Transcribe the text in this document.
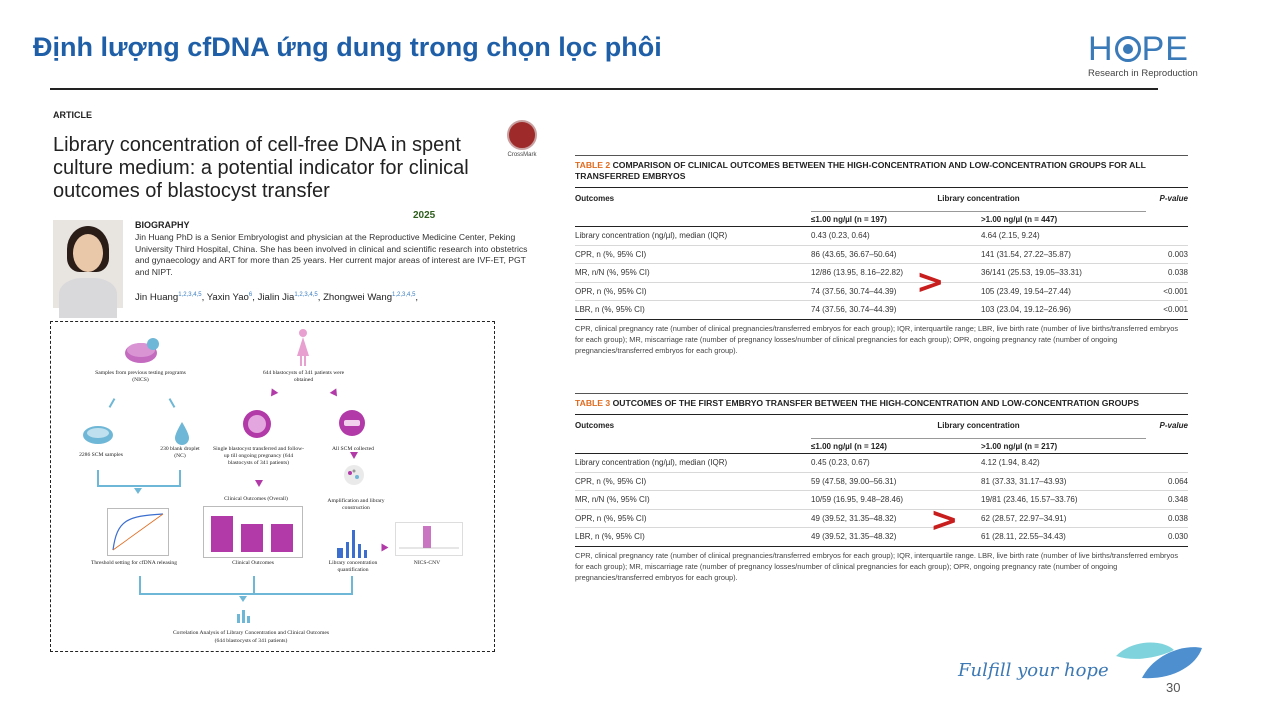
Định lượng cfDNA ứng dung trong chọn lọc phôi	H PE
Research in Reproduction
ARTICLE
Library concentration of cell-free DNA in spent culture medium: a potential indicator for clinical outcomes of blastocyst transfer
CrossMark
2025
BIOGRAPHY
Jin Huang PhD is a Senior Embryologist and physician at the Reproductive Medicine Center, Peking University Third Hospital, China. She has been involved in clinical and scientific research into obstetrics and gynaecology and ART for more than 25 years. Her current major areas of interest are IVF-ET, PGT and NIPT.
Jin Huang$^{1,2,3,4,5}$, Yaxin Yao$^6$, Jialin Jia$^{1,2,3,4,5}$, Zhongwei Wang$^{1,2,3,4,5}$,
Samples from previous testing programs (NICS)
644 blastocysts of 341 patients were obtained
2286 SCM samples
230 blank droplet (NC)
Single blastocyst transferred and follow-up till ongoing pregnancy (644 blastocysts of 341 patients)
All SCM collected
Amplification and library construction
Threshold setting for cfDNA releasing
Clinical Outcomes (Overall)
Clinical Outcomes	Library concentration quantification
NICS-CNV
Correlation Analysis of Library Concentration and Clinical Outcomes
(644 blastocysts of 341 patients)
TABLE 2 COMPARISON OF CLINICAL OUTCOMES BETWEEN THE HIGH-CONCENTRATION AND LOW-CONCENTRATION GROUPS FOR ALL TRANSFERRED EMBRYOS
Outcomes	Library concentration	P-value
≤1.00 ng/µl (n = 197)	>1.00 ng/µl (n = 447)
Library concentration (ng/µl), median (IQR)	0.43 (0.23, 0.64)	4.64 (2.15, 9.24)
CPR, n (%, 95% CI)	86 (43.65, 36.67–50.64)	141 (31.54, 27.22–35.87)	0.003
MR, n/N (%, 95% CI)	12/86 (13.95, 8.16–22.82)	36/141 (25.53, 19.05–33.31)	0.038
OPR, n (%, 95% CI)	74 (37.56, 30.74–44.39)	105 (23.49, 19.54–27.44)	<0.001
LBR, n (%, 95% CI)	74 (37.56, 30.74–44.39)	103 (23.04, 19.12–26.96)	<0.001
CPR, clinical pregnancy rate (number of clinical pregnancies/transferred embryos for each group); IQR, interquartile range; LBR, live birth rate (number of live births/transferred embryos for each group); MR, miscarriage rate (number of pregnancy losses/number of clinical pregnancies for each group); OPR, ongoing pregnancy rate (number of ongoing pregnancies/transferred embryos for each group).
>
TABLE 3 OUTCOMES OF THE FIRST EMBRYO TRANSFER BETWEEN THE HIGH-CONCENTRATION AND LOW-CONCENTRATION GROUPS
Outcomes	Library concentration	P-value
≤1.00 ng/µl (n = 124)	>1.00 ng/µl (n = 217)
Library concentration (ng/µl), median (IQR)	0.45 (0.23, 0.67)	4.12 (1.94, 8.42)
CPR, n (%, 95% CI)	59 (47.58, 39.00–56.31)	81 (37.33, 31.17–43.93)	0.064
MR, n/N (%, 95% CI)	10/59 (16.95, 9.48–28.46)	19/81 (23.46, 15.57–33.76)	0.348
OPR, n (%, 95% CI)	49 (39.52, 31.35–48.32)	62 (28.57, 22.97–34.91)	0.038
LBR, n (%, 95% CI)	49 (39.52, 31.35–48.32)	61 (28.11, 22.55–34.43)	0.030
CPR, clinical pregnancy rate (number of clinical pregnancies/transferred embryos for each group); IQR, interquartile range. LBR, live birth rate (number of live births/transferred embryos for each group); MR, miscarriage rate (number of pregnancy losses/number of clinical pregnancies for each group); OPR, ongoing pregnancy rate (number of ongoing pregnancies/transferred embryos for each group).
>
Fulfill your hope
30
